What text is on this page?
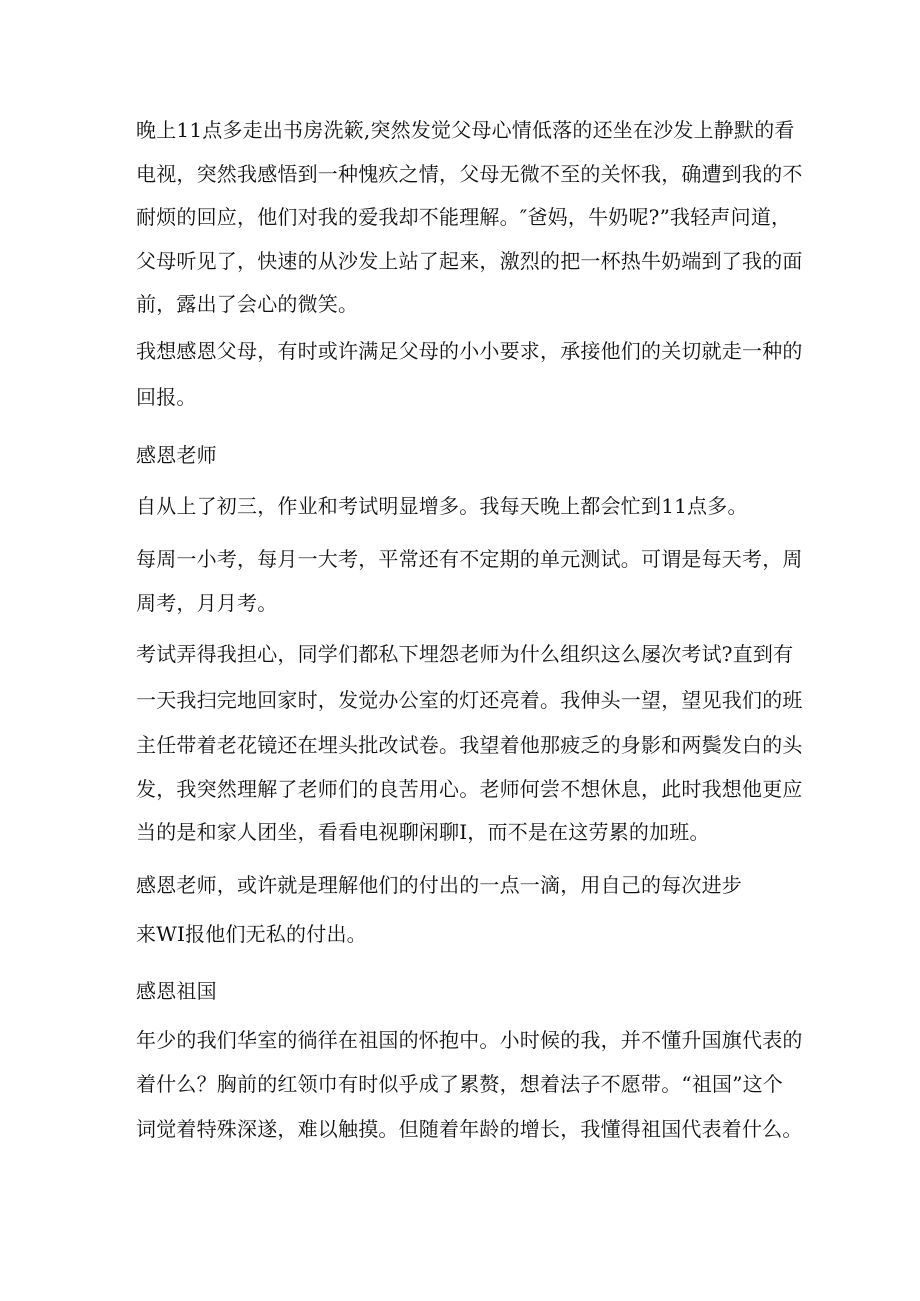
晚上11点多走出书房洗簌,突然发觉父母心情低落的还坐在沙发上静默的看
电视，突然我感悟到一种愧疚之情，父母无微不至的关怀我，确遭到我的不
耐烦的回应，他们对我的爱我却不能理解。″爸妈，牛奶呢?”我轻声问道，
父母听见了，快速的从沙发上站了起来，激烈的把一杯热牛奶端到了我的面
前，露出了会心的微笑。
我想感恩父母，有时或许满足父母的小小要求，承接他们的关切就走一种的
回报。
感恩老师
自从上了初三，作业和考试明显增多。我每天晚上都会忙到11点多。
每周一小考，每月一大考，平常还有不定期的单元测试。可谓是每天考，周
周考，月月考。
考试弄得我担心，同学们都私下埋怨老师为什么组织这么屡次考试?直到有
一天我扫完地回家时，发觉办公室的灯还亮着。我伸头一望，望见我们的班
主任带着老花镜还在埋头批改试卷。我望着他那疲乏的身影和两鬓发白的头
发，我突然理解了老师们的良苦用心。老师何尝不想休息，此时我想他更应
当的是和家人团坐，看看电视聊闲聊I，而不是在这劳累的加班。
感恩老师，或许就是理解他们的付出的一点一滴，用自己的每次进步
来WI报他们无私的付出。
感恩祖国
年少的我们华室的徜徉在祖国的怀抱中。小时候的我，并不懂升国旗代表的
着什么？胸前的红领巾有时似乎成了累赘，想着法子不愿带。“祖国”这个
词觉着特殊深遂，难以触摸。但随着年龄的增长，我懂得祖国代表着什么。
